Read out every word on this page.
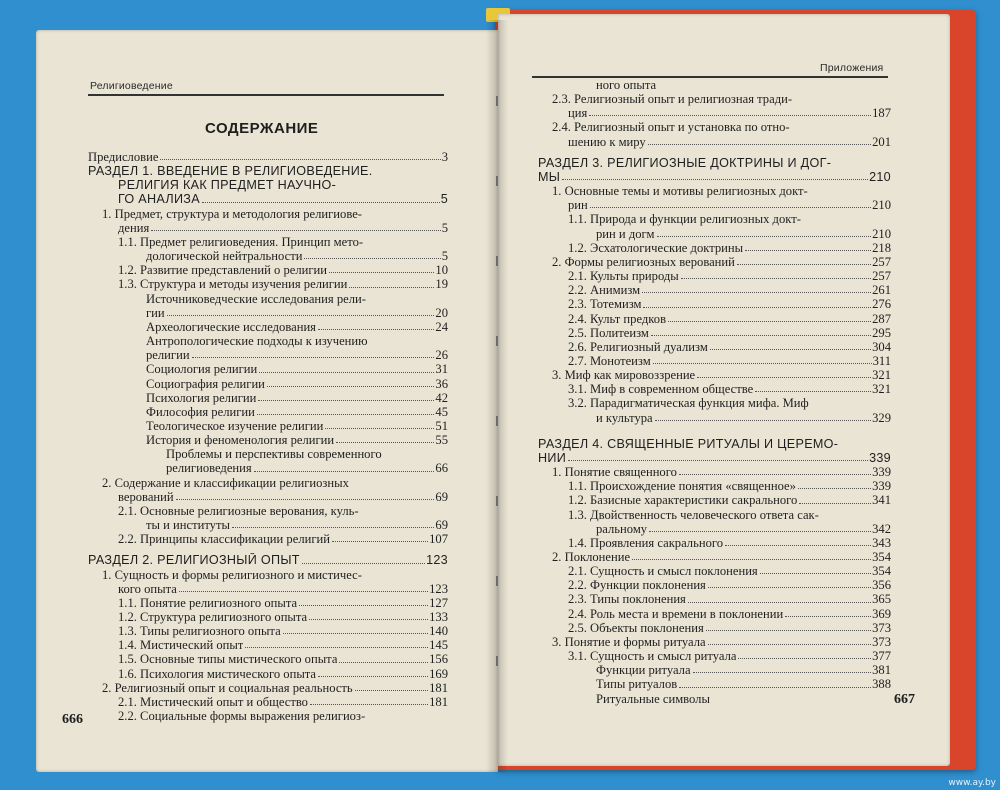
Религиоведение
СОДЕРЖАНИЕ
Предисловие	3
РАЗДЕЛ 1. ВВЕДЕНИЕ В РЕЛИГИОВЕДЕНИЕ.
РЕЛИГИЯ КАК ПРЕДМЕТ НАУЧНО-
ГО АНАЛИЗА	5
1. Предмет, структура и методология религиове-
дения	5
1.1. Предмет религиоведения. Принцип мето-
дологической нейтральности	5
1.2. Развитие представлений о религии	10
1.3. Структура и методы изучения религии	19
Источниковедческие исследования рели-
гии	20
Археологические исследования	24
Антропологические подходы к изучению
религии	26
Социология религии	31
Социография религии	36
Психология религии	42
Философия религии	45
Теологическое изучение религии	51
История и феноменология религии	55
Проблемы и перспективы современного
религиоведения	66
2. Содержание и классификации религиозных
верований	69
2.1. Основные религиозные верования, куль-
ты и институты	69
2.2. Принципы классификации религий	107
РАЗДЕЛ 2. РЕЛИГИОЗНЫЙ ОПЫТ	123
1. Сущность и формы религиозного и мистичес-
кого опыта	123
1.1. Понятие религиозного опыта	127
1.2. Структура религиозного опыта	133
1.3. Типы религиозного опыта	140
1.4. Мистический опыт	145
1.5. Основные типы мистического опыта	156
1.6. Психология мистического опыта	169
2. Религиозный опыт и социальная реальность	181
2.1. Мистический опыт и общество	181
2.2. Социальные формы выражения религиоз-
Приложения
ного опыта
2.3. Религиозный опыт и религиозная тради-
ция	187
2.4. Религиозный опыт и установка по отно-
шению к миру	201
РАЗДЕЛ 3. РЕЛИГИОЗНЫЕ ДОКТРИНЫ И ДОГ-
МЫ	210
1. Основные темы и мотивы религиозных докт-
рин	210
1.1. Природа и функции религиозных докт-
рин и догм	210
1.2. Эсхатологические доктрины	218
2. Формы религиозных верований	257
2.1. Культы природы	257
2.2. Анимизм	261
2.3. Тотемизм	276
2.4. Культ предков	287
2.5. Политеизм	295
2.6. Религиозный дуализм	304
2.7. Монотеизм	311
3. Миф как мировоззрение	321
3.1. Миф в современном обществе	321
3.2. Парадигматическая функция мифа. Миф
и культура	329
РАЗДЕЛ 4. СВЯЩЕННЫЕ РИТУАЛЫ И ЦЕРЕМО-
НИИ	339
1. Понятие священного	339
1.1. Происхождение понятия «священное»	339
1.2. Базисные характеристики сакрального	341
1.3. Двойственность человеческого ответа сак-
ральному	342
1.4. Проявления сакрального	343
2. Поклонение	354
2.1. Сущность и смысл поклонения	354
2.2. Функции поклонения	356
2.3. Типы поклонения	365
2.4. Роль места и времени в поклонении	369
2.5. Объекты поклонения	373
3. Понятие и формы ритуала	373
3.1. Сущность и смысл ритуала	377
Функции ритуала	381
Типы ритуалов	388
Ритуальные символы
666
667
www.ay.by
